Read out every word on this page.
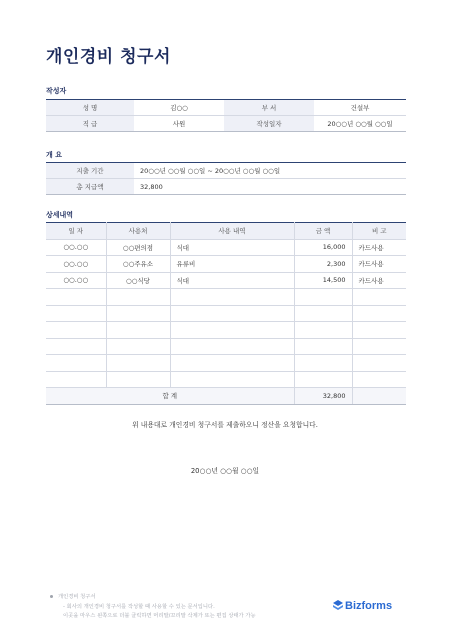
개인경비 청구서
작성자
성 명	김○○	부 서	건설부
직 급	사원	작성일자	20○○년 ○○월 ○○일
개 요
지출 기간	20○○년 ○○월 ○○일 ~ 20○○년 ○○월 ○○일
총 지급액	32,800
상세내역
일 자	사용처	사용 내역	금 액	비 고
○○.○○	○○편의점	식대	16,000	카드사용
○○.○○	○○주유소	유류비	2,300	카드사용
○○.○○	○○식당	식대	14,500	카드사용

합 계			32,800	
위 내용대로 개인경비 청구서를 제출하오니 정산을 요청합니다.
20○○년 ○○월 ○○일
개인경비 청구서
- 회사의 개인경비 청구서를 작성할 때 사용할 수 있는 문서입니다.
이곳을 마우스 왼쪽으로 더블 클릭하면 머리말/꼬리말 삭제가 또는 편집 상태가 가능
Bizforms
